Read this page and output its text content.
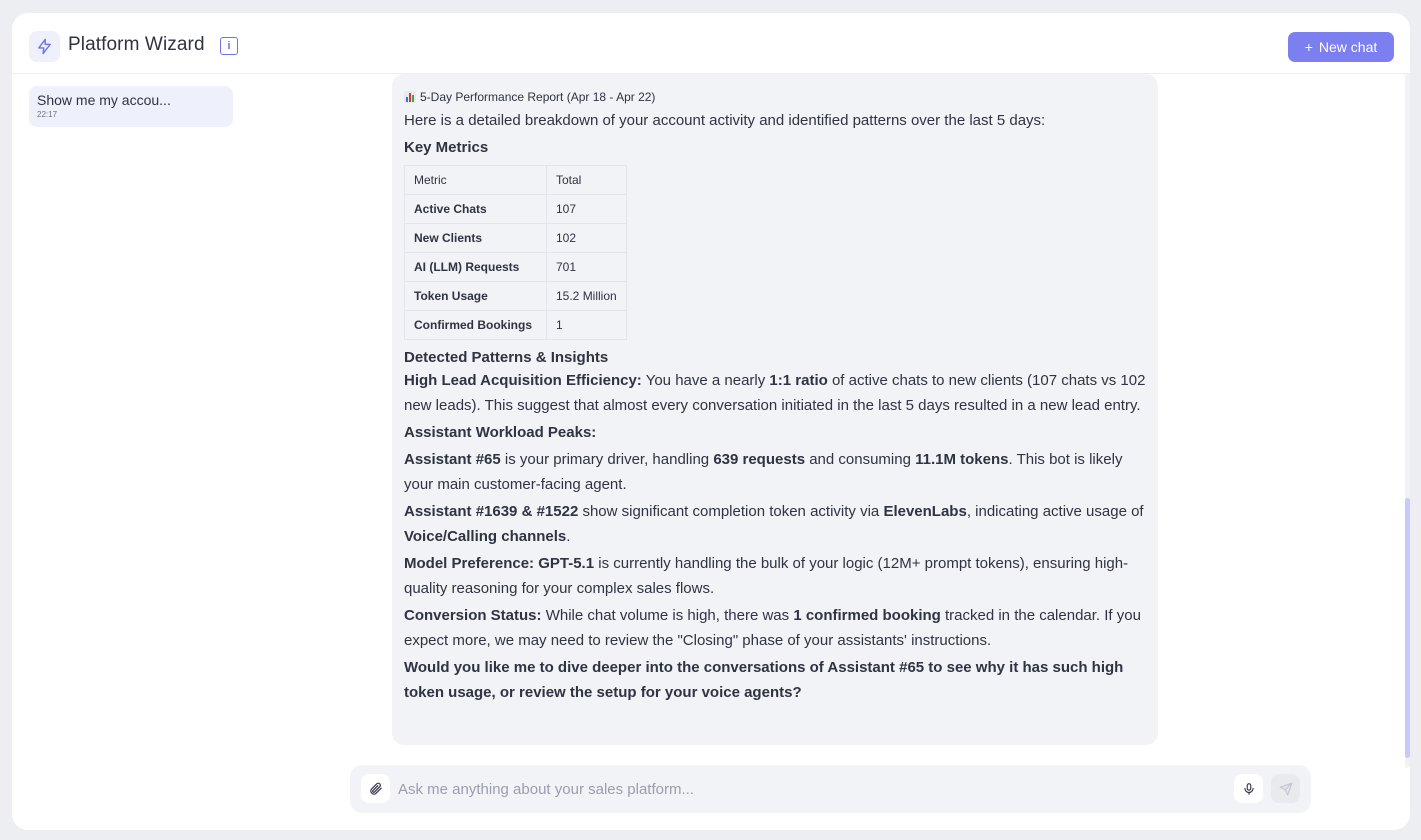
Platform Wizard	i	+ New chat
Show me my accou...
22:17
5-Day Performance Report (Apr 18 - Apr 22)

Here is a detailed breakdown of your account activity and identified patterns over the last 5 days:

Key Metrics
Metric	Total
Active Chats	107
New Clients	102
AI (LLM) Requests	701
Token Usage	15.2 Million
Confirmed Bookings	1
Detected Patterns & Insights

High Lead Acquisition Efficiency: You have a nearly 1:1 ratio of active chats to new clients (107 chats vs 102 new leads). This suggest that almost every conversation initiated in the last 5 days resulted in a new lead entry.

Assistant Workload Peaks:

Assistant #65 is your primary driver, handling 639 requests and consuming 11.1M tokens. This bot is likely your main customer-facing agent.

Assistant #1639 & #1522 show significant completion token activity via ElevenLabs, indicating active usage of Voice/Calling channels.

Model Preference: GPT-5.1 is currently handling the bulk of your logic (12M+ prompt tokens), ensuring high-quality reasoning for your complex sales flows.

Conversion Status: While chat volume is high, there was 1 confirmed booking tracked in the calendar. If you expect more, we may need to review the "Closing" phase of your assistants' instructions.

Would you like me to dive deeper into the conversations of Assistant #65 to see why it has such high token usage, or review the setup for your voice agents?

Ask me anything about your sales platform...
